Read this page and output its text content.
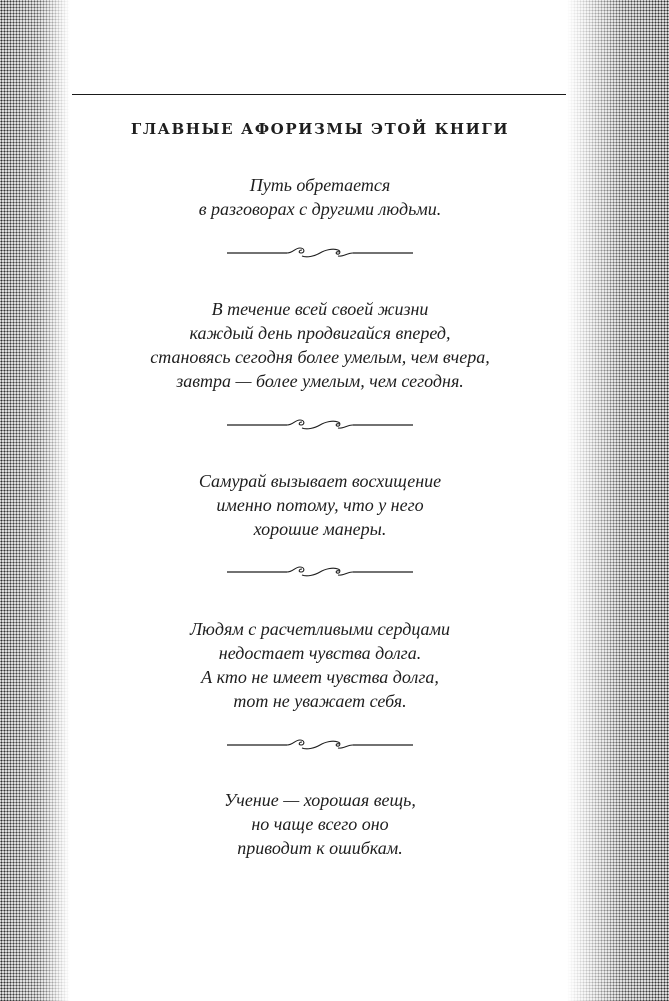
ГЛАВНЫЕ АФОРИЗМЫ ЭТОЙ КНИГИ
Путь обретается
в разговорах с другими людьми.
В течение всей своей жизни
каждый день продвигайся вперед,
становясь сегодня более умелым, чем вчера,
завтра — более умелым, чем сегодня.
Самурай вызывает восхищение
именно потому, что у него
хорошие манеры.
Людям с расчетливыми сердцами
недостает чувства долга.
А кто не имеет чувства долга,
тот не уважает себя.
Учение — хорошая вещь,
но чаще всего оно
приводит к ошибкам.
